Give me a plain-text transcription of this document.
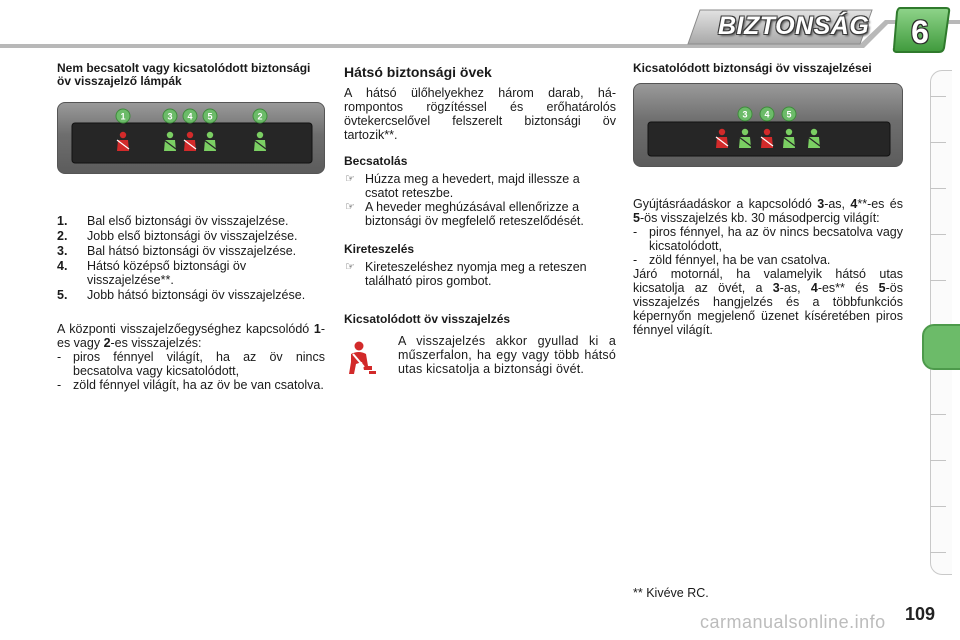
BIZTONSÁG	6
Nem becsatolt vagy kicsatolódott biztonsági öv visszajelző lámpák
1	3 4 5	2
1. Bal első biztonsági öv visszajelzése.
2. Jobb első biztonsági öv visszajelzése.
3. Bal hátsó biztonsági öv visszajelzése.
4. Hátsó középső biztonsági öv visszajelzése**.
5. Jobb hátsó biztonsági öv visszajelzése.

A központi visszajelzőegységhez kapcsolódó 1-es vagy 2-es visszajelzés:

- piros fénnyel világít, ha az öv nincs becsatolva vagy kicsatolódott,
- zöld fénnyel világít, ha az öv be van csatolva.
Hátsó biztonsági övek

A hátsó ülőhelyekhez három darab, hárompontos rögzítéssel és erőhatárolós övtekercselővel felszerelt biztonsági öv tartozik**.

Becsatolás
☞ Húzza meg a hevedert, majd illessze a csatot reteszbe.
☞ A heveder meghúzásával ellenőrizze a biztonsági öv megfelelő reteszelődését.
Kireteszelés
☞ Kireteszeléshez nyomja meg a reteszen található piros gombot.
Kicsatolódott öv visszajelzés
A visszajelzés akkor gyullad ki a műszerfalon, ha egy vagy több hátsó utas kicsatolja a biztonsági övét.
Kicsatolódott biztonsági öv visszajelzései
3 4 5

Gyújtásráadáskor a kapcsolódó 3-as, 4**-es és 5-ös visszajelzés kb. 30 másodpercig világít:

- piros fénnyel, ha az öv nincs becsatolva vagy kicsatolódott,
- zöld fénnyel, ha be van csatolva.

Járó motornál, ha valamelyik hátsó utas kicsatolja az övét, a 3-as, 4-es** és 5-ös visszajelzés hangjelzés és a többfunkciós képernyőn megjelenő üzenet kíséretében piros fénnyel világít.

** Kivéve RC.
carmanualsonline.info 109
